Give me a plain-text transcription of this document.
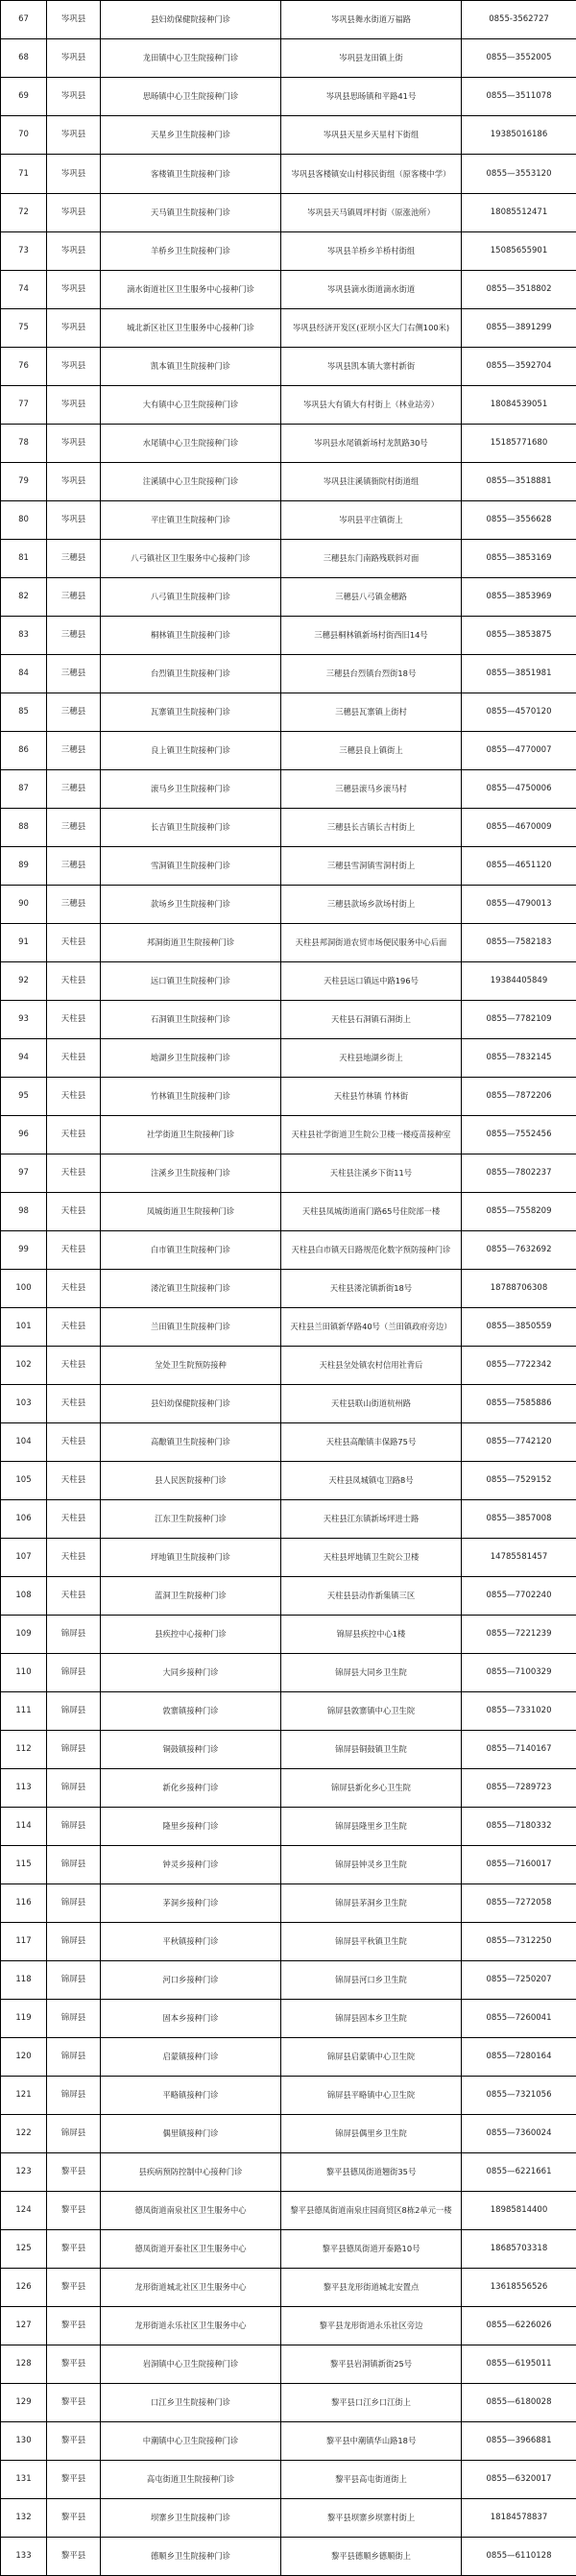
67	岑巩县	县妇幼保健院接种门诊	岑巩县舞水街道万福路	0855-3562727
68	岑巩县	龙田镇中心卫生院接种门诊	岑巩县龙田镇上街	0855—3552005
69	岑巩县	思旸镇中心卫生院接种门诊	岑巩县思旸镇和平路41号	0855—3511078
70	岑巩县	天星乡卫生院接种门诊	岑巩县天星乡天星村下街组	19385016186
71	岑巩县	客楼镇卫生院接种门诊	岑巩县客楼镇安山村移民街组（原客楼中学）	0855—3553120
72	岑巩县	天马镇卫生院接种门诊	岑巩县天马镇周坪村街（原涨池所）	18085512471
73	岑巩县	羊桥乡卫生院接种门诊	岑巩县羊桥乡羊桥村街组	15085655901
74	岑巩县	滴水街道社区卫生服务中心接种门诊	岑巩县滴水街道滴水街道	0855—3518802
75	岑巩县	城北新区社区卫生服务中心接种门诊	岑巩县经济开发区(亚坝小区大门右侧100米)	0855—3891299
76	岑巩县	凯本镇卫生院接种门诊	岑巩县凯本镇大寨村新街	0855—3592704
77	岑巩县	大有镇中心卫生院接种门诊	岑巩县大有镇大有村街上（林业站旁）	18084539051
78	岑巩县	水尾镇中心卫生院接种门诊	岑巩县水尾镇新场村龙凯路30号	15185771680
79	岑巩县	注溪镇中心卫生院接种门诊	岑巩县注溪镇衙院村街道组	0855—3518881
80	岑巩县	平庄镇卫生院接种门诊	岑巩县平庄镇街上	0855—3556628
81	三穗县	八弓镇社区卫生服务中心接种门诊	三穗县东门南路残联斜对面	0855—3853169
82	三穗县	八弓镇卫生院接种门诊	三穗县八弓镇金穗路	0855—3853969
83	三穗县	桐林镇卫生院接种门诊	三穗县桐林镇新场村街西旧14号	0855—3853875
84	三穗县	台烈镇卫生院接种门诊	三穗县台烈镇台烈街18号	0855—3851981
85	三穗县	瓦寨镇卫生院接种门诊	三穗县瓦寨镇上街村	0855—4570120
86	三穗县	良上镇卫生院接种门诊	三穗县良上镇街上	0855—4770007
87	三穗县	滚马乡卫生院接种门诊	三穗县滚马乡滚马村	0855—4750006
88	三穗县	长吉镇卫生院接种门诊	三穗县长吉镇长吉村街上	0855—4670009
89	三穗县	雪洞镇卫生院接种门诊	三穗县雪洞镇雪洞村街上	0855—4651120
90	三穗县	款场乡卫生院接种门诊	三穗县款场乡款场村街上	0855—4790013
91	天柱县	邦洞街道卫生院接种门诊	天柱县邦洞街道农贸市场便民服务中心后面	0855—7582183
92	天柱县	远口镇卫生院接种门诊	天柱县远口镇远中路196号	19384405849
93	天柱县	石洞镇卫生院接种门诊	天柱县石洞镇石洞街上	0855—7782109
94	天柱县	地湖乡卫生院接种门诊	天柱县地湖乡街上	0855—7832145
95	天柱县	竹林镇卫生院接种门诊	天柱县竹林镇 竹林街	0855—7872206
96	天柱县	社学街道卫生院接种门诊	天柱县社学街道卫生院公卫楼一楼疫苗接种室	0855—7552456
97	天柱县	注溪乡卫生院接种门诊	天柱县注溪乡下街11号	0855—7802237
98	天柱县	凤城街道卫生院接种门诊	天柱县凤城街道南门路65号住院部一楼	0855—7558209
99	天柱县	白市镇卫生院接种门诊	天柱县白市镇天日路规范化数字预防接种门诊	0855—7632692
100	天柱县	溇沱镇卫生院接种门诊	天柱县溇沱镇新街18号	18788706308
101	天柱县	兰田镇卫生院接种门诊	天柱县兰田镇新华路40号（兰田镇政府旁边）	0855—3850559
102	天柱县	坌处卫生院预防接种	天柱县坌处镇农村信用社背后	0855—7722342
103	天柱县	县妇幼保健院接种门诊	天柱县联山街道杭州路	0855—7585886
104	天柱县	高酿镇卫生院接种门诊	天柱县高酿镇丰保路75号	0855—7742120
105	天柱县	县人民医院接种门诊	天柱县凤城镇屯卫路8号	0855—7529152
106	天柱县	江东卫生院接种门诊	天柱县江东镇新场坪进士路	0855—3857008
107	天柱县	坪地镇卫生院接种门诊	天柱县坪地镇卫生院公卫楼	14785581457
108	天柱县	蓝洞卫生院接种门诊	天柱县县动作新集镇三区	0855—7702240
109	锦屏县	县疾控中心接种门诊	锦屏县疾控中心1楼	0855—7221239
110	锦屏县	大同乡接种门诊	锦屏县大同乡卫生院	0855—7100329
111	锦屏县	敦寨镇接种门诊	锦屏县敦寨镇中心卫生院	0855—7331020
112	锦屏县	铜鼓镇接种门诊	锦屏县铜鼓镇卫生院	0855—7140167
113	锦屏县	新化乡接种门诊	锦屏县新化乡心卫生院	0855—7289723
114	锦屏县	隆里乡接种门诊	锦屏县隆里乡卫生院	0855—7180332
115	锦屏县	钟灵乡接种门诊	锦屏县钟灵乡卫生院	0855—7160017
116	锦屏县	茅洞乡接种门诊	锦屏县茅洞乡卫生院	0855—7272058
117	锦屏县	平秋镇接种门诊	锦屏县平秋镇卫生院	0855—7312250
118	锦屏县	河口乡接种门诊	锦屏县河口乡卫生院	0855—7250207
119	锦屏县	固本乡接种门诊	锦屏县固本乡卫生院	0855—7260041
120	锦屏县	启蒙镇接种门诊	锦屏县启蒙镇中心卫生院	0855—7280164
121	锦屏县	平略镇接种门诊	锦屏县平略镇中心卫生院	0855—7321056
122	锦屏县	偶里镇接种门诊	锦屏县偶里乡卫生院	0855—7360024
123	黎平县	县疾病预防控制中心接种门诊	黎平县德凤街道翘街35号	0855—6221661
124	黎平县	德凤街道南泉社区卫生服务中心	黎平县德凤街道南泉庄园商贸区8栋2单元一楼	18985814400
125	黎平县	德凤街道开泰社区卫生服务中心	黎平县德凤街道开泰路10号	18685703318
126	黎平县	龙形街道城北社区卫生服务中心	黎平县龙形街道城北安置点	13618556526
127	黎平县	龙形街道永乐社区卫生服务中心	黎平县龙形街道永乐社区旁边	0855—6226026
128	黎平县	岩洞镇中心卫生院接种门诊	黎平县岩洞镇新街25号	0855—6195011
129	黎平县	口江乡卫生院接种门诊	黎平县口江乡口江街上	0855—6180028
130	黎平县	中潮镇中心卫生院接种门诊	黎平县中潮镇华山路18号	0855—3966881
131	黎平县	高屯街道卫生院接种门诊	黎平县高屯街道街上	0855—6320017
132	黎平县	坝寨乡卫生院接种门诊	黎平县坝寨乡坝寨村街上	18184578837
133	黎平县	德顺乡卫生院接种门诊	黎平县德顺乡德顺街上	0855—6110128
